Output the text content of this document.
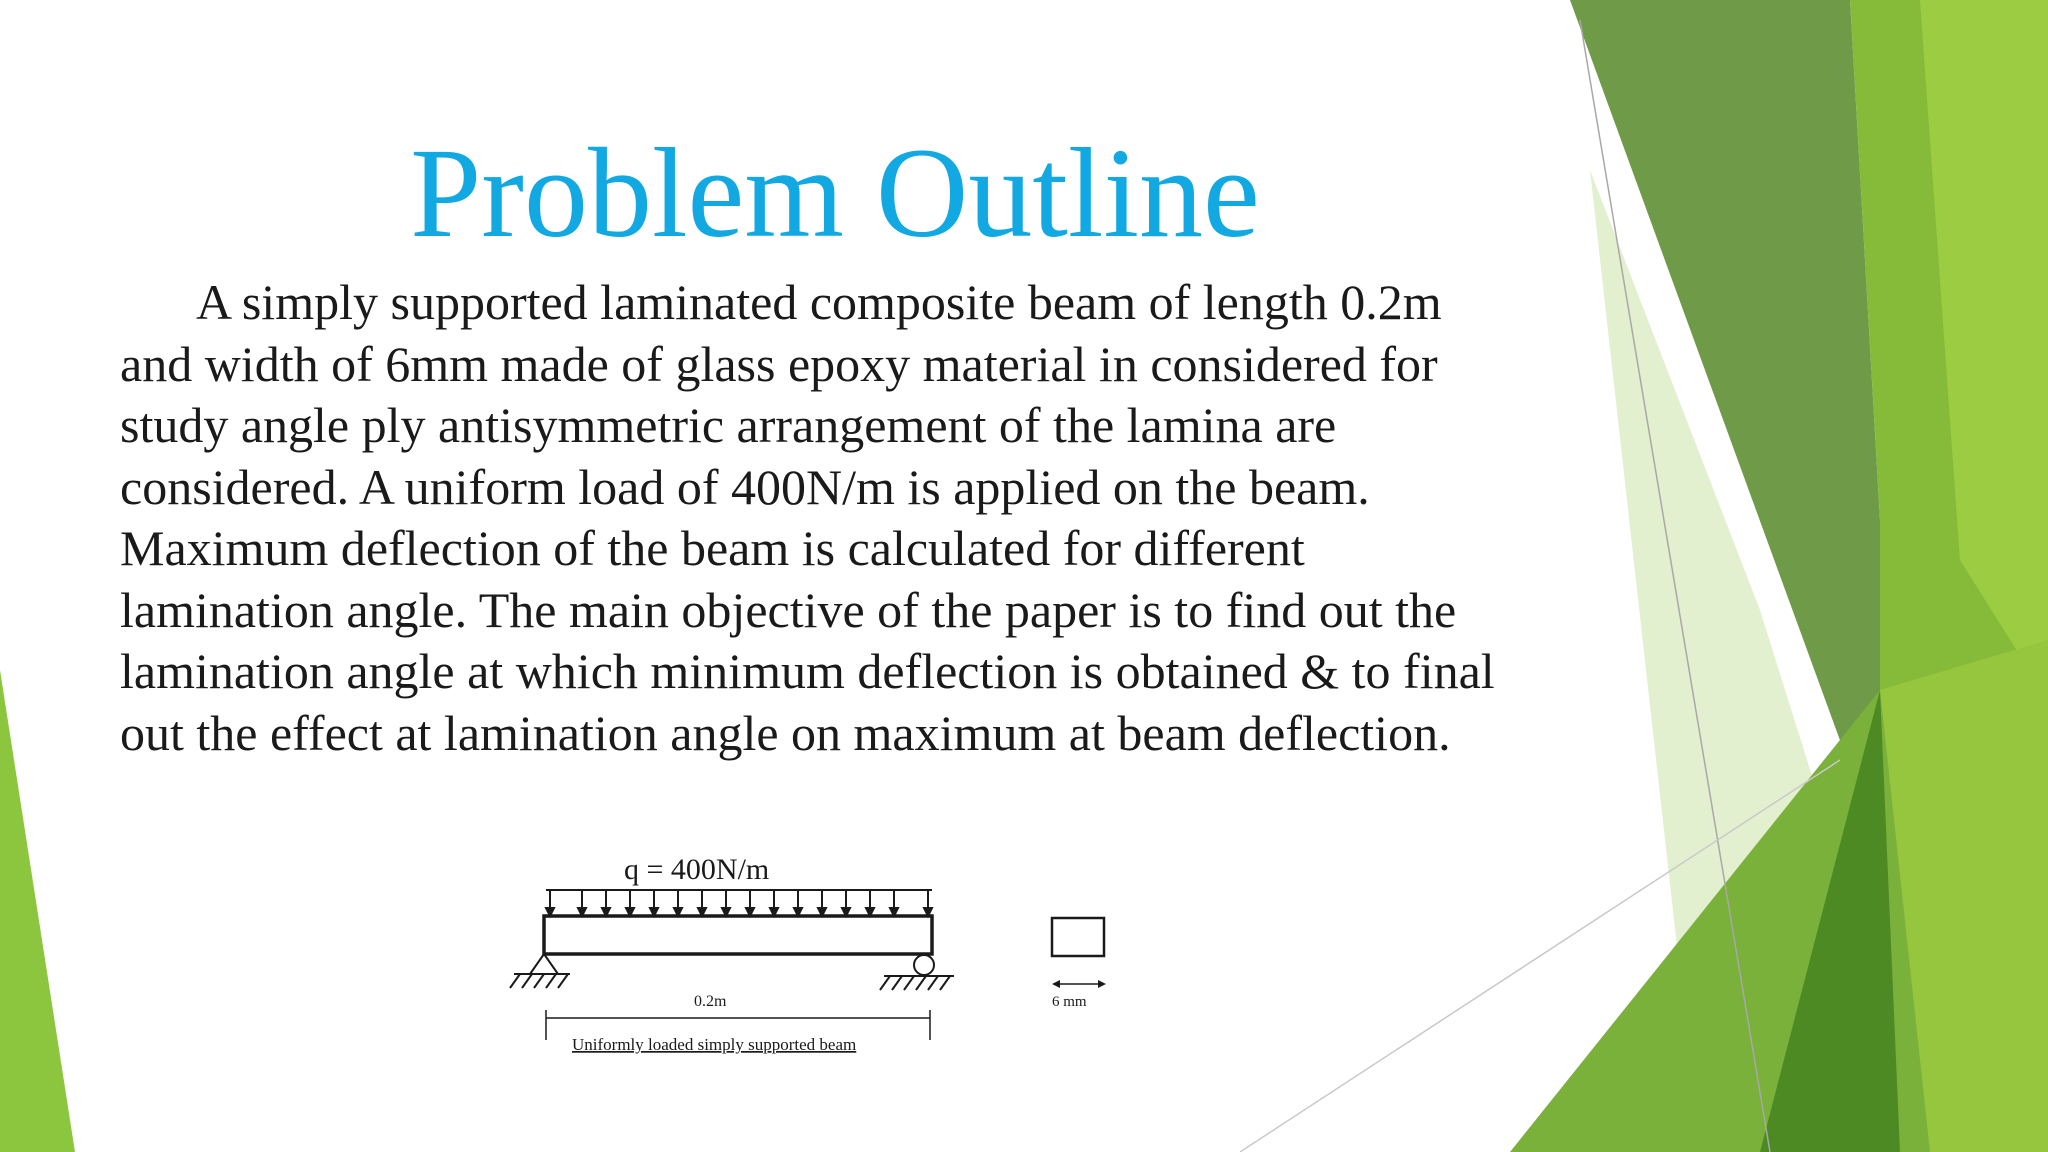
Problem Outline
A simply supported laminated composite beam of length 0.2m
and width of 6mm made of glass epoxy material in considered for
study angle ply antisymmetric arrangement of the lamina are
considered. A uniform load of 400N/m is applied on the beam.
Maximum deflection of the beam is calculated for different
lamination angle. The main objective of the paper is to find out the
lamination angle at which minimum deflection is obtained & to final
out the effect at lamination angle on maximum at beam deflection.
q = 400N/m
0.2m
Uniformly loaded simply supported beam
6 mm
